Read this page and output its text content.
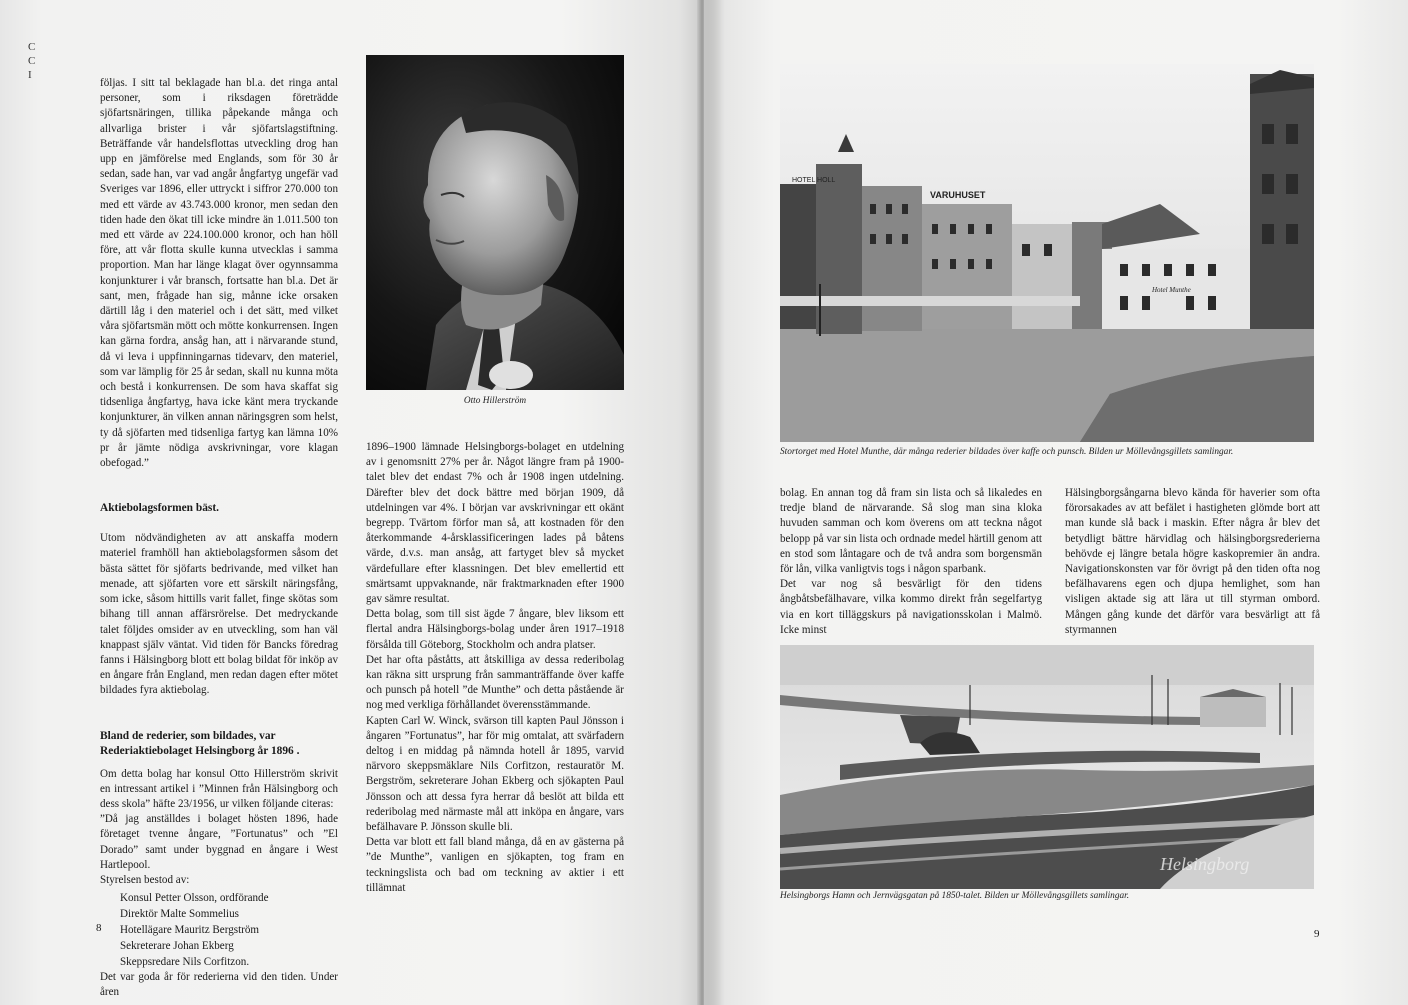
C
C
I

följas. I sitt tal beklagade han bl.a. det ringa antal personer, som i riksdagen företrädde sjöfartsnäringen, tillika påpekande många och allvarliga brister i vår sjöfartslagstiftning. Beträffande vår handelsflottas utveckling drog han upp en jämförelse med Englands, som för 30 år sedan, sade han, var vad angår ångfartyg ungefär vad Sveriges var 1896, eller uttryckt i siffror 270.000 ton med ett värde av 43.743.000 kronor, men sedan den tiden hade den ökat till icke mindre än 1.011.500 ton med ett värde av 224.100.000 kronor, och han höll före, att vår flotta skulle kunna utvecklas i samma proportion. Man har länge klagat över ogynnsamma konjunkturer i vår bransch, fortsatte han bl.a. Det är sant, men, frågade han sig, månne icke orsaken därtill låg i den materiel och i det sätt, med vilket våra sjöfartsmän mött och mötte konkurrensen. Ingen kan gärna fordra, ansåg han, att i närvarande stund, då vi leva i uppfinningarnas tidevarv, den materiel, som var lämplig för 25 år sedan, skall nu kunna möta och bestå i konkurrensen. De som hava skaffat sig tidsenliga ångfartyg, hava icke känt mera tryckande konjunkturer, än vilken annan näringsgren som helst, ty då sjöfarten med tidsenliga fartyg kan lämna 10% pr år jämte nödiga avskrivningar, vore klagan obefogad.”

Aktiebolagsformen bäst.

Utom nödvändigheten av att anskaffa modern materiel framhöll han aktiebolagsformen såsom det bästa sättet för sjöfarts bedrivande, med vilket han menade, att sjöfarten vore ett särskilt näringsfång, som icke, såsom hittills varit fallet, finge skötas som bihang till annan affärsrörelse. Det medryckande talet följdes omsider av en utveckling, som han väl knappast själv väntat. Vid tiden för Bancks föredrag fanns i Hälsingborg blott ett bolag bildat för inköp av en ångare från England, men redan dagen efter mötet bildades fyra aktiebolag.

Bland de rederier, som bildades, var
Rederiaktiebolaget Helsingborg år 1896 .

Om detta bolag har konsul Otto Hillerström skrivit en intressant artikel i ”Minnen från Hälsingborg och dess skola” häfte 23/1956, ur vilken följande citeras:

”Då jag anställdes i bolaget hösten 1896, hade företaget tvenne ångare, ”Fortunatus” och ”El Dorado” samt under byggnad en ångare i West Hartlepool.

Styrelsen bestod av:

Konsul Petter Olsson, ordförande
Direktör Malte Sommelius
Hotellägare Mauritz Bergström
Sekreterare Johan Ekberg
Skeppsredare Nils Corfitzon.

Det var goda år för rederierna vid den tiden. Under åren

Otto Hillerström

1896–1900 lämnade Helsingborgs-bolaget en utdelning av i genomsnitt 27% per år. Något längre fram på 1900-talet blev det endast 7% och år 1908 ingen utdelning. Därefter blev det dock bättre med början 1909, då utdelningen var 4%. I början var avskrivningar ett okänt begrepp. Tvärtom förfor man så, att kostnaden för den återkommande 4-årsklassificeringen lades på båtens värde, d.v.s. man ansåg, att fartyget blev så mycket värdefullare efter klassningen. Det blev emellertid ett smärtsamt uppvaknande, när fraktmarknaden efter 1900 gav sämre resultat.

Detta bolag, som till sist ägde 7 ångare, blev liksom ett flertal andra Hälsingborgs-bolag under åren 1917–1918 försålda till Göteborg, Stockholm och andra platser.

Det har ofta påståtts, att åtskilliga av dessa rederibolag kan räkna sitt ursprung från sammanträffande över kaffe och punsch på hotell ”de Munthe” och detta påstående är nog med verkliga förhållandet överensstämmande.

Kapten Carl W. Winck, svärson till kapten Paul Jönsson i ångaren ”Fortunatus”, har för mig omtalat, att svärfadern deltog i en middag på nämnda hotell år 1895, varvid närvoro skeppsmäklare Nils Corfitzon, restauratör M. Bergström, sekreterare Johan Ekberg och sjökapten Paul Jönsson och att dessa fyra herrar då beslöt att bilda ett rederibolag med närmaste mål att inköpa en ångare, vars befälhavare P. Jönsson skulle bli.

Detta var blott ett fall bland många, då en av gästerna på ”de Munthe”, vanligen en sjökapten, tog fram en teckningslista och bad om teckning av aktier i ett tillämnat

8
HOTEL HOLL
VARUHUSET
Hotel Munthe
Stortorget med Hotel Munthe, där många rederier bildades över kaffe och punsch. Bilden ur Möllevångsgillets samlingar.

bolag. En annan tog då fram sin lista och så likaledes en tredje bland de närvarande. Så slog man sina kloka huvuden samman och kom överens om att teckna något belopp på var sin lista och ordnade medel härtill genom att en stod som låntagare och de två andra som borgensmän för lån, vilka vanligtvis togs i någon sparbank.

Det var nog så besvärligt för den tidens ångbåtsbefälhavare, vilka kommo direkt från segelfartyg via en kort tilläggskurs på navigationsskolan i Malmö. Icke minst

Hälsingborgsångarna blevo kända för haverier som ofta förorsakades av att befälet i hastigheten glömde bort att man kunde slå back i maskin. Efter några år blev det betydligt bättre härvidlag och hälsingborgsrederierna behövde ej längre betala högre kaskopremier än andra. Navigationskonsten var för övrigt på den tiden ofta nog befälhavarens egen och djupa hemlighet, som han visligen aktade sig att lära ut till styrman ombord. Mången gång kunde det därför vara besvärligt att få styrmannen

Helsingborg
Helsingborgs Hamn och Jernvägsgatan på 1850-talet. Bilden ur Möllevångsgillets samlingar.
9
